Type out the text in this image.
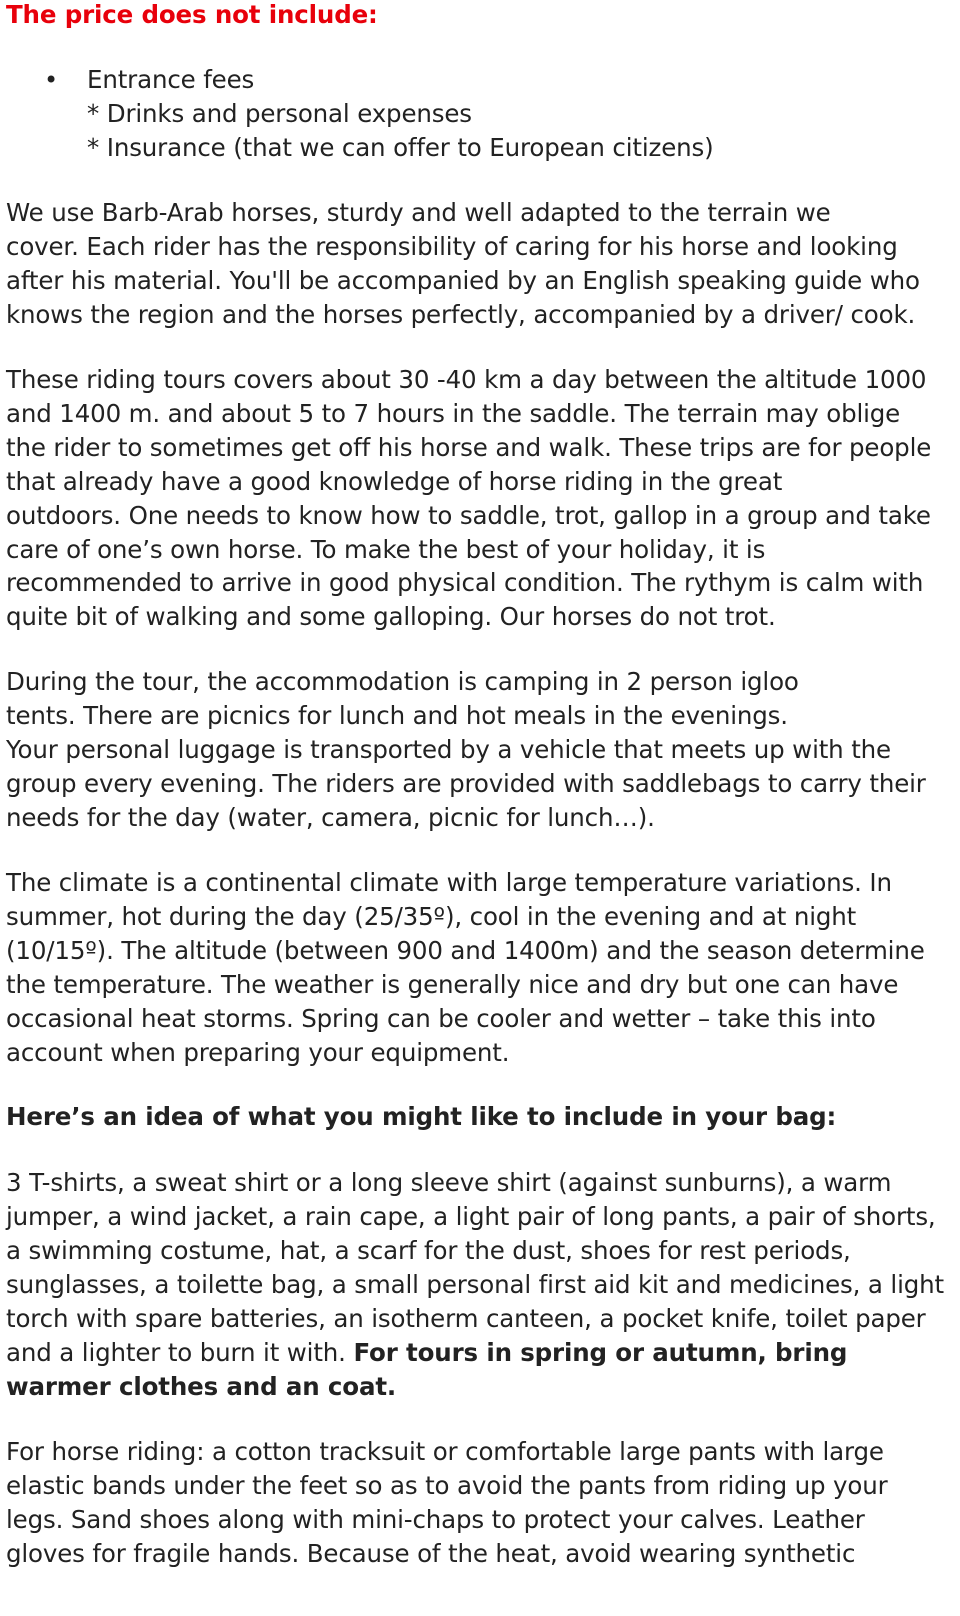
The price does not include:
• Entrance fees
* Drinks and personal expenses
* Insurance (that we can offer to European citizens)
We use Barb-Arab horses, sturdy and well adapted to the terrain we
cover. Each rider has the responsibility of caring for his horse and looking
after his material. You'll be accompanied by an English speaking guide who
knows the region and the horses perfectly, accompanied by a driver/ cook.
These riding tours covers about 30 -40 km a day between the altitude 1000
and 1400 m. and about 5 to 7 hours in the saddle. The terrain may oblige
the rider to sometimes get off his horse and walk. These trips are for people
that already have a good knowledge of horse riding in the great
outdoors. One needs to know how to saddle, trot, gallop in a group and take
care of one’s own horse. To make the best of your holiday, it is
recommended to arrive in good physical condition. The rythym is calm with
quite bit of walking and some galloping. Our horses do not trot.
During the tour, the accommodation is camping in 2 person igloo
tents. There are picnics for lunch and hot meals in the evenings.
Your personal luggage is transported by a vehicle that meets up with the
group every evening. The riders are provided with saddlebags to carry their
needs for the day (water, camera, picnic for lunch…).
The climate is a continental climate with large temperature variations. In
summer, hot during the day (25/35º), cool in the evening and at night
(10/15º). The altitude (between 900 and 1400m) and the season determine
the temperature. The weather is generally nice and dry but one can have
occasional heat storms. Spring can be cooler and wetter – take this into
account when preparing your equipment.
Here’s an idea of what you might like to include in your bag:
3 T-shirts, a sweat shirt or a long sleeve shirt (against sunburns), a warm
jumper, a wind jacket, a rain cape, a light pair of long pants, a pair of shorts,
a swimming costume, hat, a scarf for the dust, shoes for rest periods,
sunglasses, a toilette bag, a small personal first aid kit and medicines, a light
torch with spare batteries, an isotherm canteen, a pocket knife, toilet paper
and a lighter to burn it with. For tours in spring or autumn, bring
warmer clothes and an coat.
For horse riding: a cotton tracksuit or comfortable large pants with large
elastic bands under the feet so as to avoid the pants from riding up your
legs. Sand shoes along with mini-chaps to protect your calves. Leather
gloves for fragile hands. Because of the heat, avoid wearing synthetic
